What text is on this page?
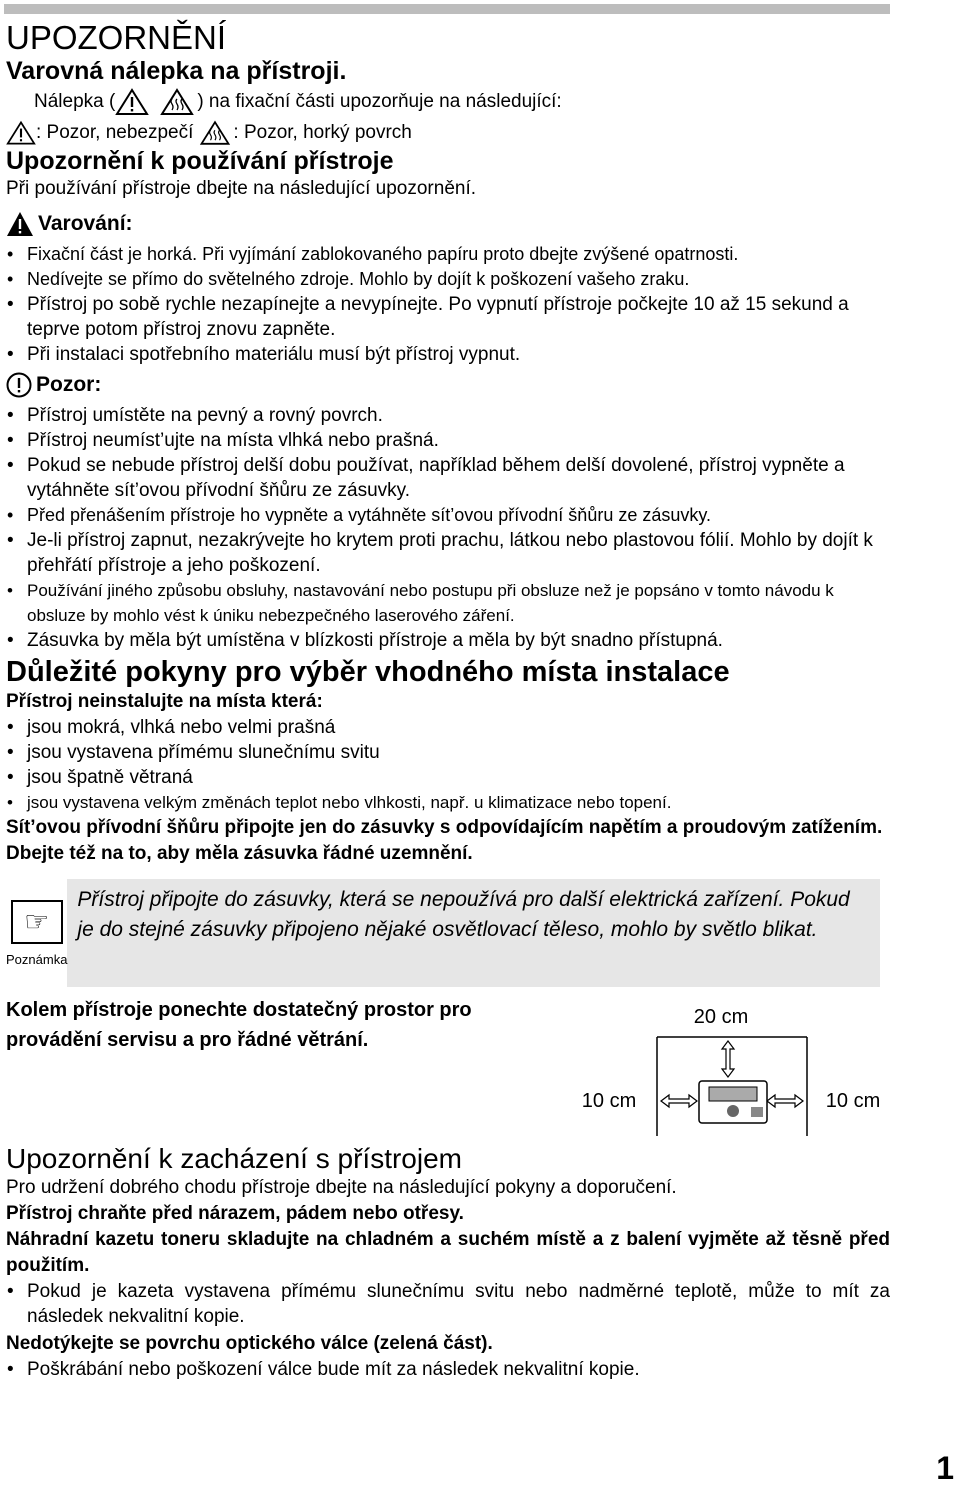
UPOZORNĚNÍ
Varovná nálepka na přístroji.
Nálepka (	) na fixační části upozorňuje na následující:
: Pozor, nebezpečí : Pozor, horký povrch
Upozornění k používání přístroje
Při používání přístroje dbejte na následující upozornění.
Varování:
• Fixační část je horká. Při vyjímání zablokovaného papíru proto dbejte zvýšené opatrnosti.
• Nedívejte se přímo do světelného zdroje. Mohlo by dojít k poškození vašeho zraku.
• Přístroj po sobě rychle nezapínejte a nevypínejte. Po vypnutí přístroje počkejte 10 až 15 sekund a teprve potom přístroj znovu zapněte.
• Při instalaci spotřebního materiálu musí být přístroj vypnut.
Pozor:
• Přístroj umístěte na pevný a rovný povrch.
• Přístroj neumíst’ujte na místa vlhká nebo prašná.
• Pokud se nebude přístroj delší dobu používat, například během delší dovolené, přístroj vypněte a vytáhněte sít’ovou přívodní šňůru ze zásuvky.
• Před přenášením přístroje ho vypněte a vytáhněte sít’ovou přívodní šňůru ze zásuvky.
• Je-li přístroj zapnut, nezakrývejte ho krytem proti prachu, látkou nebo plastovou fólií. Mohlo by dojít k přehřátí přístroje a jeho poškození.
• Používání jiného způsobu obsluhy, nastavování nebo postupu při obsluze než je popsáno v tomto návodu k obsluze by mohlo vést k úniku nebezpečného laserového záření.
• Zásuvka by měla být umístěna v blízkosti přístroje a měla by být snadno přístupná.
Důležité pokyny pro výběr vhodného místa instalace
Přístroj neinstalujte na místa která:
• jsou mokrá, vlhká nebo velmi prašná
• jsou vystavena přímému slunečnímu svitu
• jsou špatně větraná
• jsou vystavena velkým změnách teplot nebo vlhkosti, např. u klimatizace nebo topení.
Sít’ovou přívodní šňůru připojte jen do zásuvky s odpovídajícím napětím a proudovým zatížením. Dbejte též na to, aby měla zásuvka řádné uzemnění.
☞
Poznámka
Přístroj připojte do zásuvky, která se nepoužívá pro další elektrická zařízení. Pokud je do stejné zásuvky připojeno nějaké osvětlovací těleso, mohlo by světlo blikat.
Kolem přístroje ponechte dostatečný prostor pro provádění servisu a pro řádné větrání.
20 cm
10 cm	10 cm
Upozornění k zacházení s přístrojem
Pro udržení dobrého chodu přístroje dbejte na následující pokyny a doporučení.
Přístroj chraňte před nárazem, pádem nebo otřesy.
Náhradní kazetu toneru skladujte na chladném a suchém místě a z balení vyjměte až těsně před použitím.
• Pokud je kazeta vystavena přímému slunečnímu svitu nebo nadměrné teplotě, může to mít za následek nekvalitní kopie.
Nedotýkejte se povrchu optického válce (zelená část).
• Poškrábání nebo poškození válce bude mít za následek nekvalitní kopie.
1
